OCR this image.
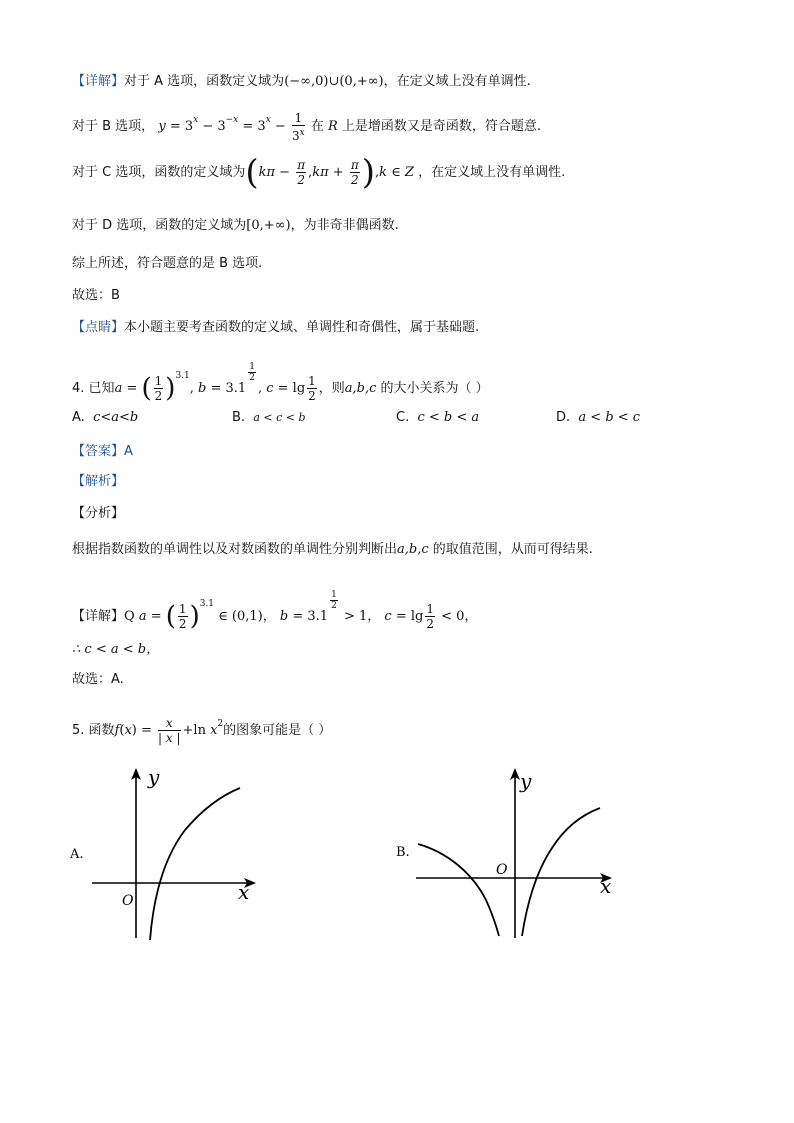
【详解】对于 A 选项，函数定义域为(−∞,0)∪(0,+∞)，在定义域上没有单调性.
对于 B 选项， $y = 3^x - 3^{-x} = 3^x - \frac{1}{3^x}$ 在 R 上是增函数又是奇函数，符合题意.
对于 C 选项，函数的定义域为$(k\pi - \frac{\pi}{2} ,k\pi + \frac{\pi}{2} ),k$ ∈ Z ，在定义域上没有单调性.
对于 D 选项，函数的定义域为[0,+∞)，为非奇非偶函数.
综上所述，符合题意的是 B 选项.
故选：B
【点睛】本小题主要考查函数的定义域、单调性和奇偶性，属于基础题.
4. 已知a = ( $\frac{1}{2} )^{3.1}$, b = 3.1
$\frac{1}{2}$
, $c = \lg \frac{1}{2}$ ，则a,b,c 的大小关系为（ ）
A. c<a<b	B. a < c < b	C. c < b < a	D. a < b < c
【答案】A
【解析】
【分析】
根据指数函数的单调性以及对数函数的单调性分别判断出a,b,c 的取值范围，从而可得结果.
【详解】Q a = ( $\frac{1}{2} )^{3.1}$ ∈ (0,1)， b = 3.1
$\frac{1}{2}$
> 1， $c = \lg \frac{1}{2} < 0$，
∴ c < a < b，
故选：A.
5. 函数$f(x) = \frac{x}{| x |} +\ln$ $x^2$的图象可能是（ ）
A.
y
x
O
B.
y
x
O
